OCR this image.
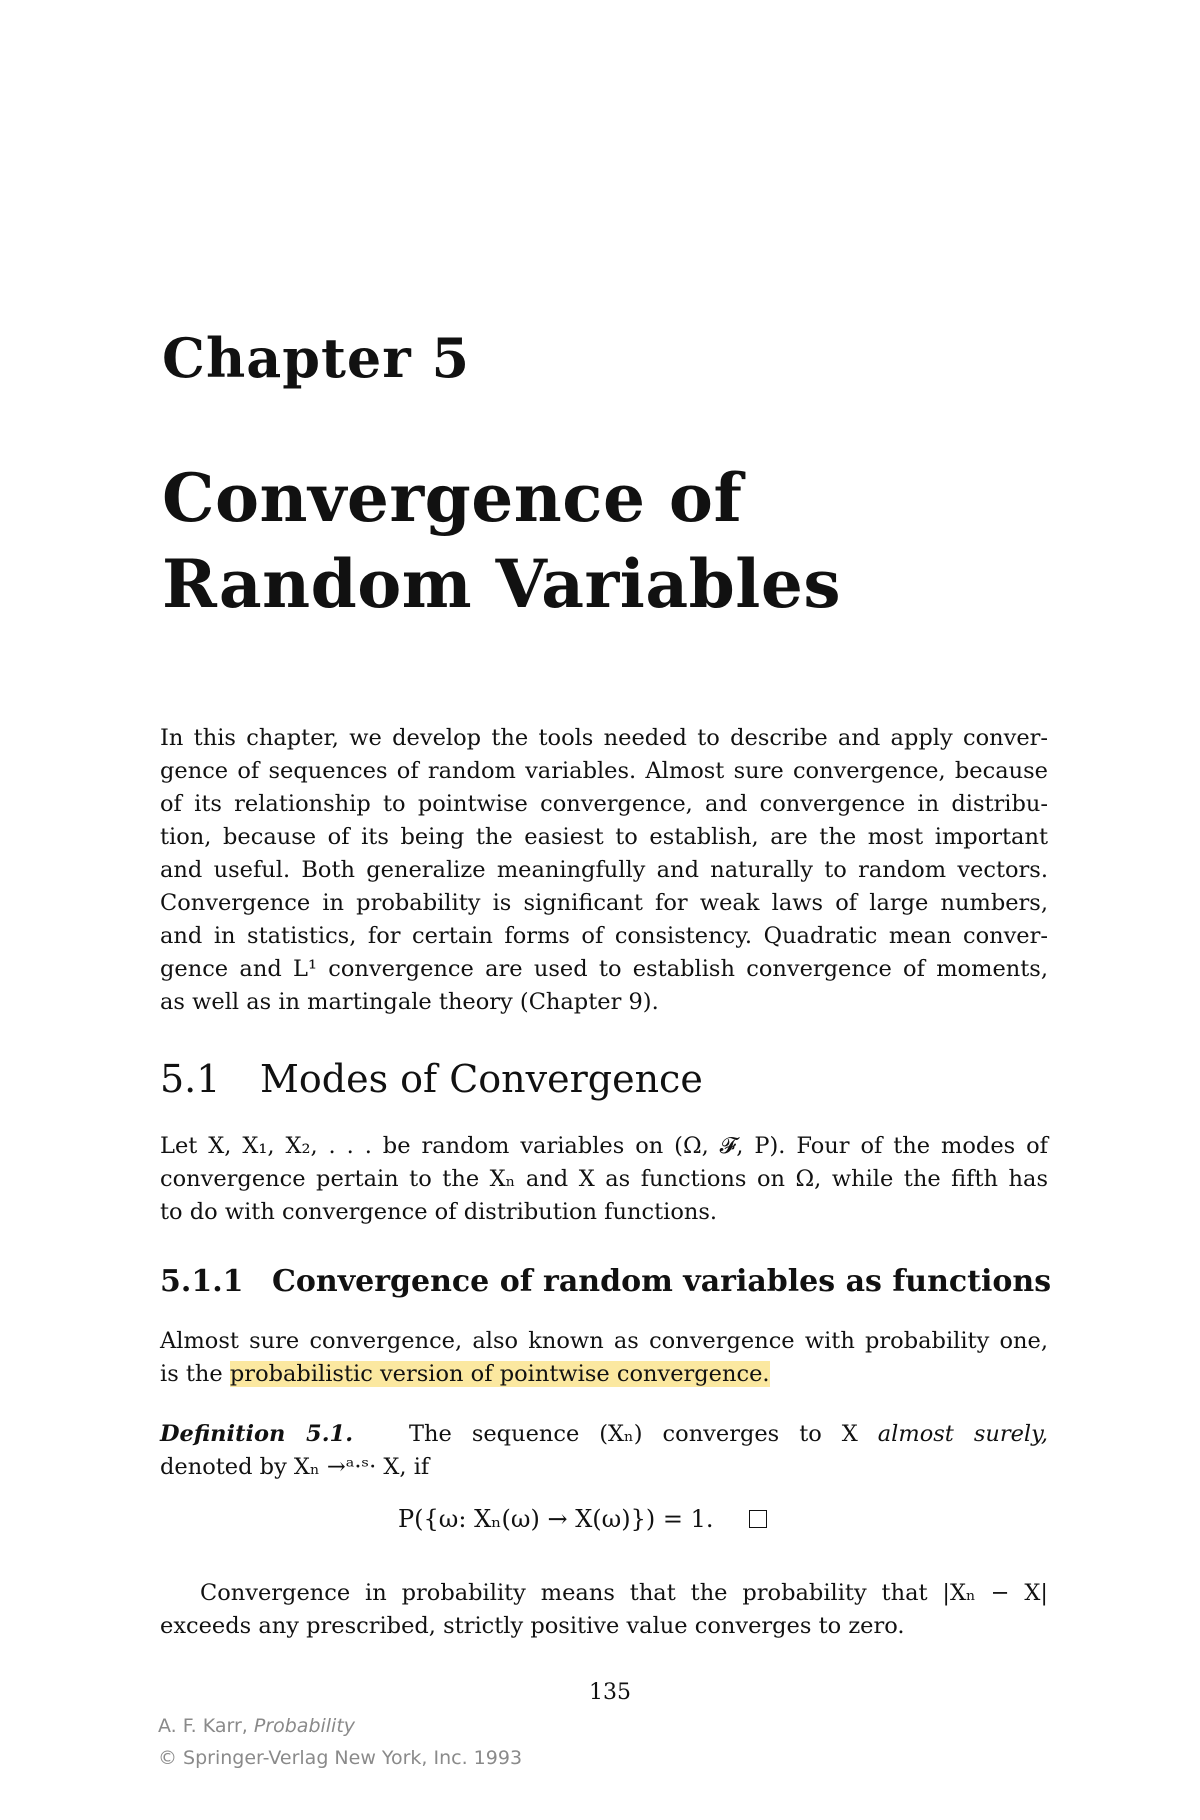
Chapter 5
Convergence of
Random Variables
In this chapter, we develop the tools needed to describe and apply conver-
gence of sequences of random variables. Almost sure convergence, because
of its relationship to pointwise convergence, and convergence in distribu-
tion, because of its being the easiest to establish, are the most important
and useful. Both generalize meaningfully and naturally to random vectors.
Convergence in probability is significant for weak laws of large numbers,
and in statistics, for certain forms of consistency. Quadratic mean conver-
gence and L¹ convergence are used to establish convergence of moments,
as well as in martingale theory (Chapter 9).
5.1 Modes of Convergence
Let X, X₁, X₂, . . . be random variables on (Ω, 𝓕, P). Four of the modes of
convergence pertain to the Xₙ and X as functions on Ω, while the fifth has
to do with convergence of distribution functions.
5.1.1 Convergence of random variables as functions
Almost sure convergence, also known as convergence with probability one,
is the probabilistic version of pointwise convergence.
Definition 5.1. The sequence (Xₙ) converges to X almost surely,
denoted by Xₙ →ᵃ·ˢ· X, if
P({ω: Xₙ(ω) → X(ω)}) = 1.
Convergence in probability means that the probability that |Xₙ − X|
exceeds any prescribed, strictly positive value converges to zero.
135
A. F. Karr, Probability
© Springer-Verlag New York, Inc. 1993
